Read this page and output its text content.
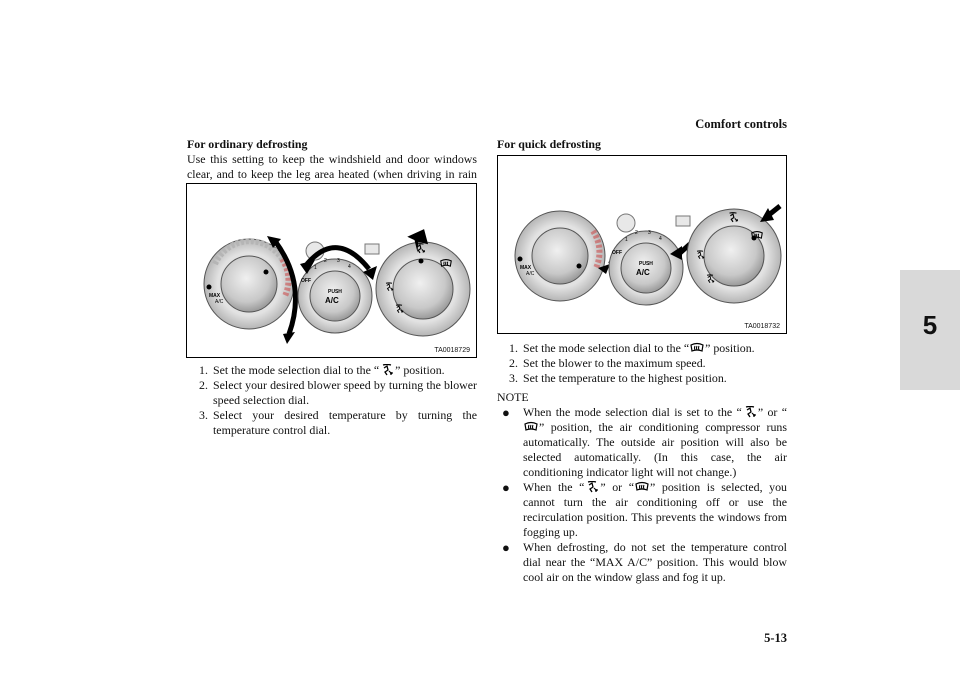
Comfort controls
5-13
5
For ordinary defrosting
Use this setting to keep the windshield and door windows clear, and to keep the leg area heated (when driving in rain
MAX
A/C
PUSH
A/C
OFF
1
2 3
4
TA0018729
1. Set the mode selection dial to the “ ” position.
2. Select your desired blower speed by turning the blower speed selection dial.
3. Select your desired temperature by turning the temperature control dial.
For quick defrosting
MAX
A/C
PUSH
A/C
OFF
1
2 3
4
TA0018732
1. Set the mode selection dial to the “ ” position.
2. Set the blower to the maximum speed.
3. Set the temperature to the highest position.
NOTE
● When the mode selection dial is set to the “ ” or “” position, the air conditioning compressor runs automatically. The outside air position will also be selected automatically. (In this case, the air conditioning indicator light will not change.)
● When the “ ” or “ ” position is selected, you cannot turn the air conditioning off or use the recirculation position. This prevents the windows from fogging up.
● When defrosting, do not set the temperature control dial near the “MAX A/C” position. This would blow cool air on the window glass and fog it up.
